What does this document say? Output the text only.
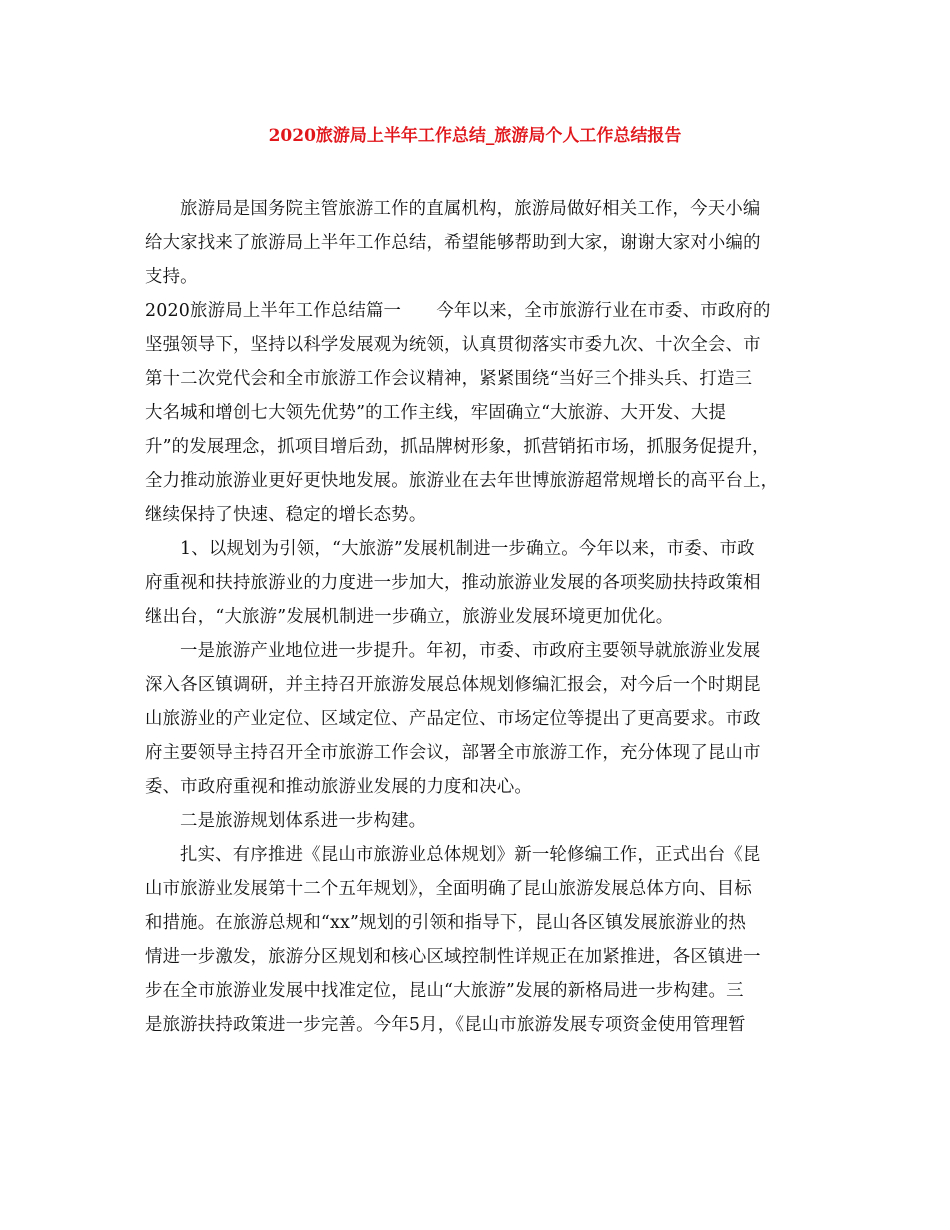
2020旅游局上半年工作总结_旅游局个人工作总结报告
旅游局是国务院主管旅游工作的直属机构，旅游局做好相关工作，今天小编
给大家找来了旅游局上半年工作总结，希望能够帮助到大家，谢谢大家对小编的
支持。
2020旅游局上半年工作总结篇一　　今年以来，全市旅游行业在市委、市政府的
坚强领导下，坚持以科学发展观为统领，认真贯彻落实市委九次、十次全会、市
第十二次党代会和全市旅游工作会议精神，紧紧围绕“当好三个排头兵、打造三
大名城和增创七大领先优势”的工作主线，牢固确立“大旅游、大开发、大提
升”的发展理念，抓项目增后劲，抓品牌树形象，抓营销拓市场，抓服务促提升，
全力推动旅游业更好更快地发展。旅游业在去年世博旅游超常规增长的高平台上，
继续保持了快速、稳定的增长态势。
1、以规划为引领，“大旅游”发展机制进一步确立。今年以来，市委、市政
府重视和扶持旅游业的力度进一步加大，推动旅游业发展的各项奖励扶持政策相
继出台，“大旅游”发展机制进一步确立，旅游业发展环境更加优化。
一是旅游产业地位进一步提升。年初，市委、市政府主要领导就旅游业发展
深入各区镇调研，并主持召开旅游发展总体规划修编汇报会，对今后一个时期昆
山旅游业的产业定位、区域定位、产品定位、市场定位等提出了更高要求。市政
府主要领导主持召开全市旅游工作会议，部署全市旅游工作，充分体现了昆山市
委、市政府重视和推动旅游业发展的力度和决心。
二是旅游规划体系进一步构建。
扎实、有序推进《昆山市旅游业总体规划》新一轮修编工作，正式出台《昆
山市旅游业发展第十二个五年规划》，全面明确了昆山旅游发展总体方向、目标
和措施。在旅游总规和“xx”规划的引领和指导下，昆山各区镇发展旅游业的热
情进一步激发，旅游分区规划和核心区域控制性详规正在加紧推进，各区镇进一
步在全市旅游业发展中找准定位，昆山“大旅游”发展的新格局进一步构建。三
是旅游扶持政策进一步完善。今年5月，《昆山市旅游发展专项资金使用管理暂
